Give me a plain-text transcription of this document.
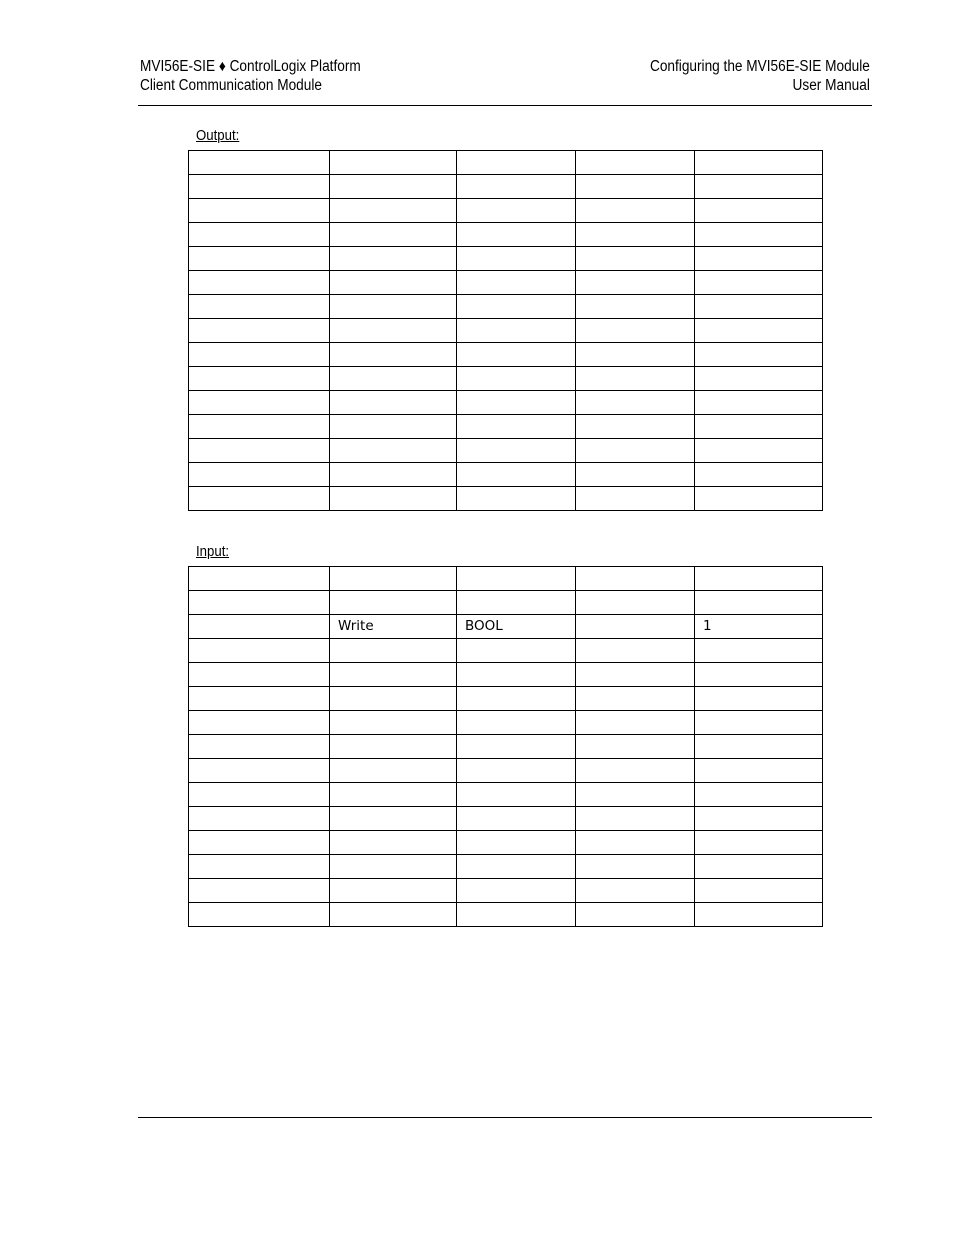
MVI56E-SIE ♦ ControlLogix Platform
Client Communication Module
Configuring the MVI56E-SIE Module
User Manual
Output:

Input:

	Write	BOOL		1
